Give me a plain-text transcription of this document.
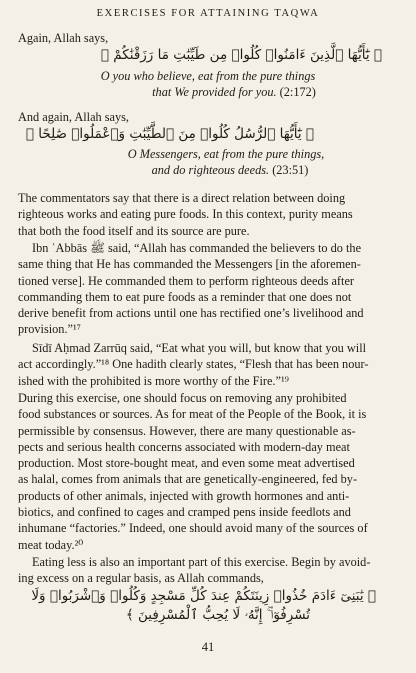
EXERCISES FOR ATTAINING TAQWA

Again, Allah says,

﴿ يَٰٓأَيُّهَا ٱلَّذِينَ ءَامَنُوا۟ كُلُوا۟ مِن طَيِّبَٰتِ مَا رَزَقْنَٰكُمْ ﴾
O you who believe, eat from the pure things
that We provided for you. (2:172)

And again, Allah says,

﴿ يَٰٓأَيُّهَا ٱلرُّسُلُ كُلُوا۟ مِنَ ٱلطَّيِّبَٰتِ وَٱعْمَلُوا۟ صَٰلِحًا ﴾
O Messengers, eat from the pure things,
and do righteous deeds. (23:51)

The commentators say that there is a direct relation between doing
righteous works and eating pure foods. In this context, purity means
that both the food itself and its source are pure.

Ibn ʿAbbās ﷺ said, “Allah has commanded the believers to do the
same thing that He has commanded the Messengers [in the aforemen-
tioned verse]. He commanded them to perform righteous deeds after
commanding them to eat pure foods as a reminder that one does not
derive benefit from actions until one has rectified one’s livelihood and
provision.”¹⁷

Sīdī Aḥmad Zarrūq said, “Eat what you will, but know that you will
act accordingly.”¹⁸ One hadith clearly states, “Flesh that has been nour-
ished with the prohibited is more worthy of the Fire.”¹⁹

During this exercise, one should focus on removing any prohibited
food substances or sources. As for meat of the People of the Book, it is
permissible by consensus. However, there are many questionable as-
pects and serious health concerns associated with modern-day meat
production. Most store-bought meat, and even some meat advertised
as halal, comes from animals that are genetically-engineered, fed by-
products of other animals, injected with growth hormones and anti-
biotics, and confined to cages and cramped pens inside feedlots and
inhumane “factories.” Indeed, one should avoid many of the sources of
meat today.²⁰

Eating less is also an important part of this exercise. Begin by avoid-
ing excess on a regular basis, as Allah commands,

﴿ يَٰبَنِىٓ ءَادَمَ خُذُوا۟ زِينَتَكُمْ عِندَ كُلِّ مَسْجِدٍ وَكُلُوا۟ وَٱشْرَبُوا۟ وَلَا
تُسْرِفُوٓا۟ ۚ إِنَّهُۥ لَا يُحِبُّ ٱلْمُسْرِفِينَ ﴾
41
